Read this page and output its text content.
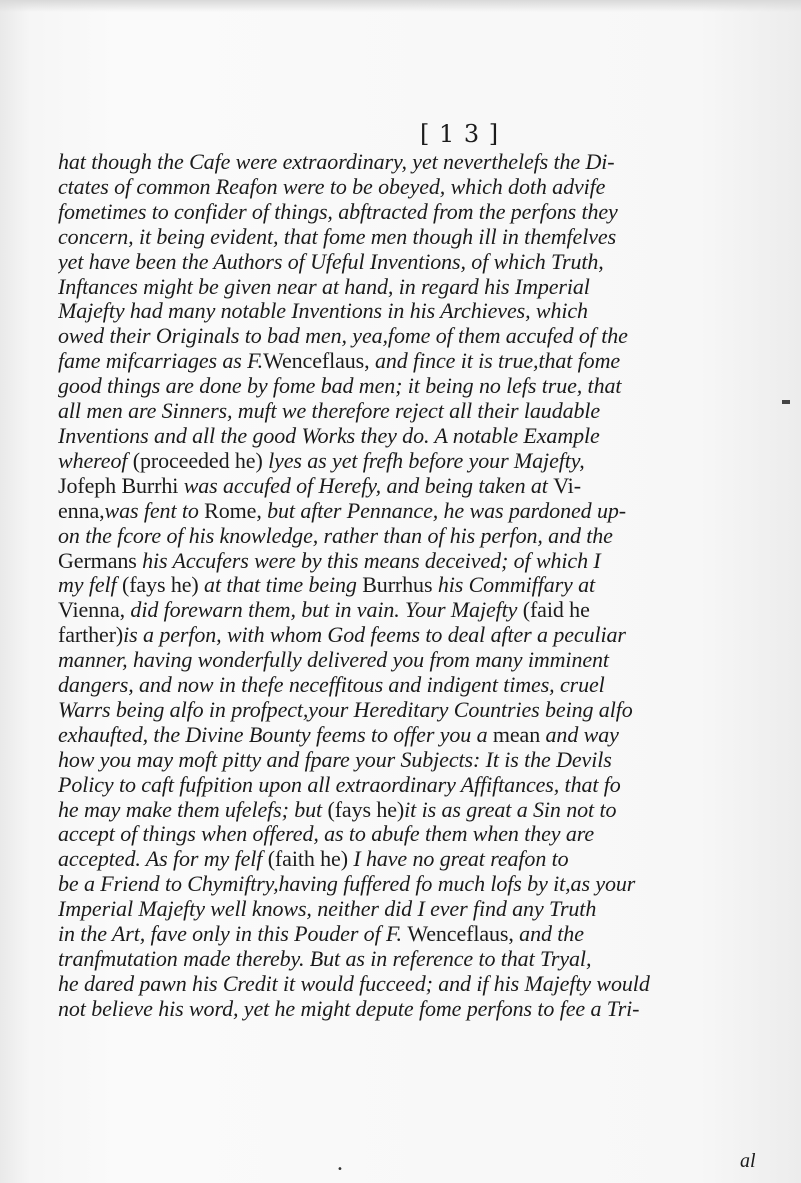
[ 1 3 ]
hat though the Cafe were extraordinary, yet neverthelefs the Di-
ctates of common Reafon were to be obeyed, which doth advife
fometimes to confider of things, abftracted from the perfons they
concern, it being evident, that fome men though ill in themfelves
yet have been the Authors of Ufeful Inventions, of which Truth,
Inftances might be given near at hand, in regard his Imperial
Majefty had many notable Inventions in his Archieves, which
owed their Originals to bad men, yea,fome of them accufed of the
fame mifcarriages as F.Wenceflaus, and fince it is true,that fome
good things are done by fome bad men; it being no lefs true, that
all men are Sinners, muft we therefore reject all their laudable
Inventions and all the good Works they do. A notable Example
whereof (proceeded he) lyes as yet frefh before your Majefty,
Jofeph Burrhi was accufed of Herefy, and being taken at Vi-
enna,was fent to Rome, but after Pennance, he was pardoned up-
on the fcore of his knowledge, rather than of his perfon, and the
Germans his Accufers were by this means deceived; of which I
my felf (fays he) at that time being Burrhus his Commiffary at
Vienna, did forewarn them, but in vain. Your Majefty (faid he
farther)is a perfon, with whom God feems to deal after a peculiar
manner, having wonderfully delivered you from many imminent
dangers, and now in thefe neceffitous and indigent times, cruel
Warrs being alfo in profpect,your Hereditary Countries being alfo
exhaufted, the Divine Bounty feems to offer you a mean and way
how you may moft pitty and fpare your Subjects: It is the Devils
Policy to caft fufpition upon all extraordinary Affiftances, that fo
he may make them ufelefs; but (fays he)it is as great a Sin not to
accept of things when offered, as to abufe them when they are
accepted. As for my felf (faith he) I have no great reafon to
be a Friend to Chymiftry,having fuffered fo much lofs by it,as your
Imperial Majefty well knows, neither did I ever find any Truth
in the Art, fave only in this Pouder of F. Wenceflaus, and the
tranfmutation made thereby. But as in reference to that Tryal,
he dared pawn his Credit it would fucceed; and if his Majefty would
not believe his word, yet he might depute fome perfons to fee a Tri-
•	al
